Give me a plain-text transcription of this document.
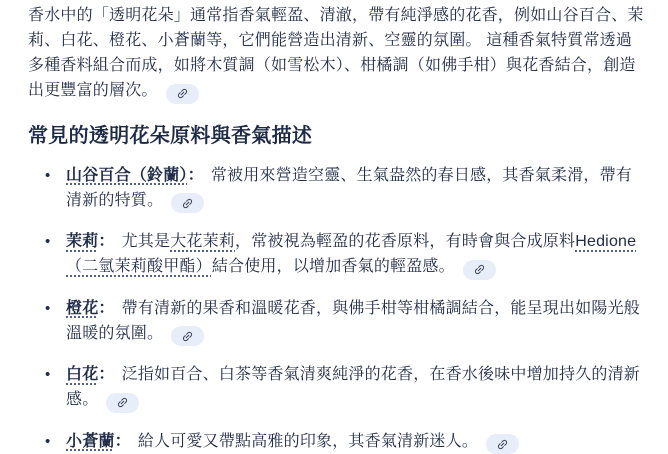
香水中的「透明花朵」通常指香氣輕盈、清澈，帶有純淨感的花香，例如山谷百合、茉莉、白花、橙花、小蒼蘭等，它們能營造出清新、空靈的氛圍。 這種香氣特質常透過多種香料組合而成，如將木質調（如雪松木）、柑橘調（如佛手柑）與花香結合，創造出更豐富的層次。

常見的透明花朵原料與香氣描述
• 山谷百合（鈴蘭）： 常被用來營造空靈、生氣盎然的春日感，其香氣柔滑，帶有清新的特質。
• 茉莉： 尤其是大花茉莉，常被視為輕盈的花香原料，有時會與合成原料Hedione（二氫茉莉酸甲酯）結合使用，以增加香氣的輕盈感。
• 橙花： 帶有清新的果香和溫暖花香，與佛手柑等柑橘調結合，能呈現出如陽光般溫暖的氛圍。
• 白花： 泛指如百合、白茶等香氣清爽純淨的花香，在香水後味中增加持久的清新感。
• 小蒼蘭： 給人可愛又帶點高雅的印象，其香氣清新迷人。
